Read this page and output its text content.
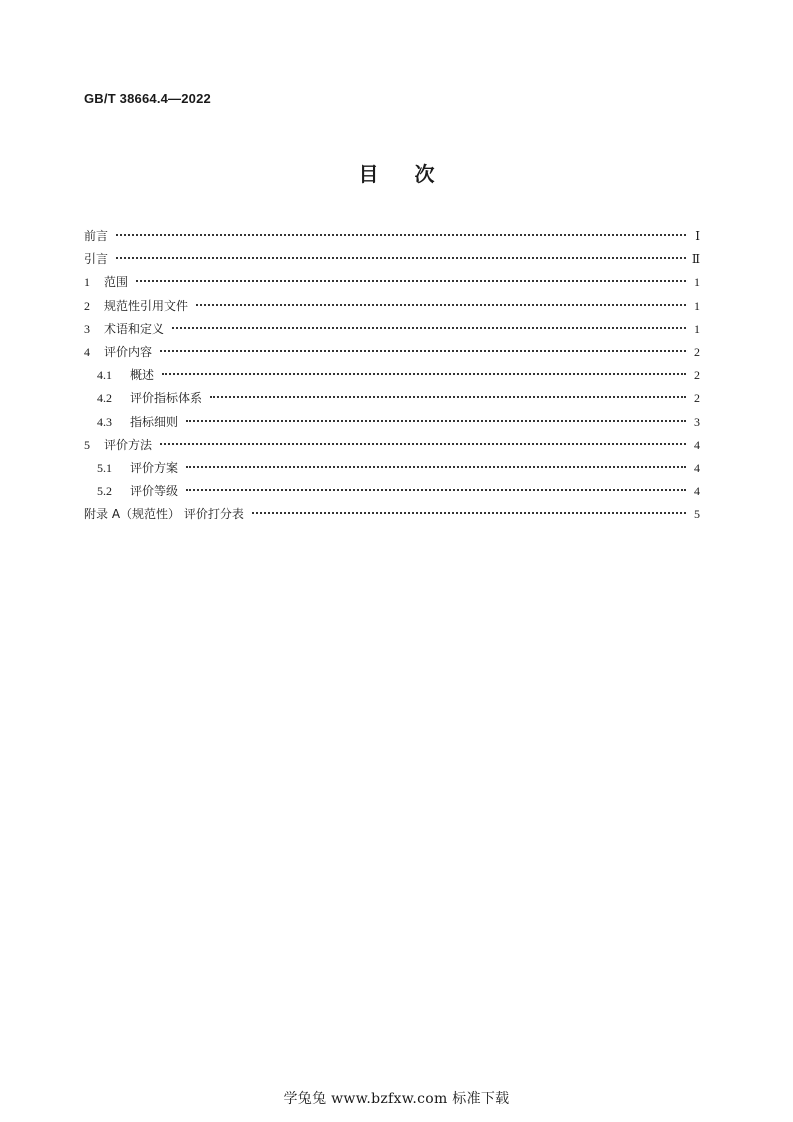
GB/T 38664.4—2022
目次
前言	Ⅰ
引言	Ⅱ
1	范围	1
2	规范性引用文件	1
3	术语和定义	1
4	评价内容	2
4.1	概述	2
4.2	评价指标体系	2
4.3	指标细则	3
5	评价方法	4
5.1	评价方案	4
5.2	评价等级	4
附录 A（规范性） 评价打分表	5
学兔兔 www.bzfxw.com 标准下载
